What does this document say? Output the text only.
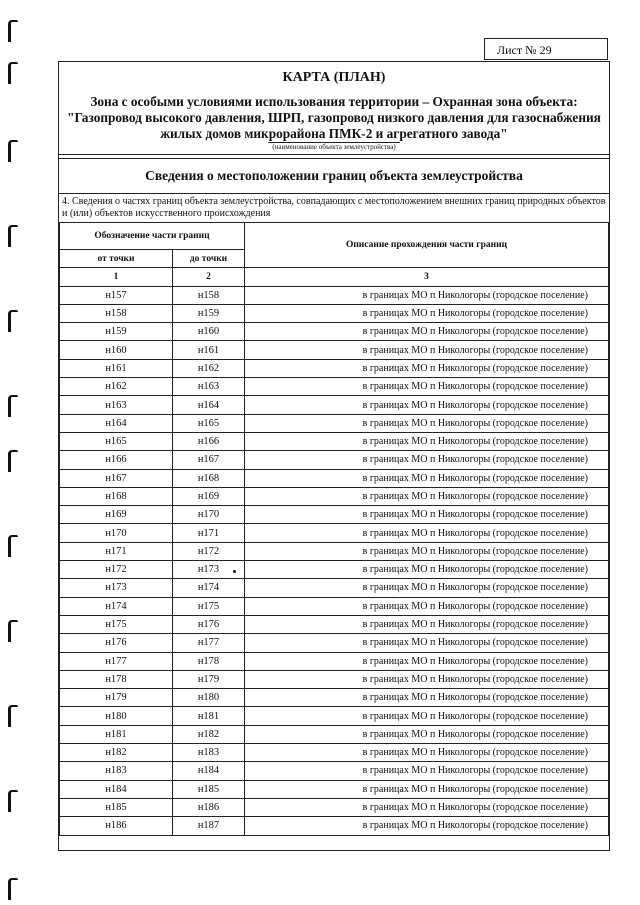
Лист № 29
КАРТА (ПЛАН)
Зона с особыми условиями использования территории – Охранная зона объекта: "Газопровод высокого давления, ШРП, газопровод низкого давления для газоснабжения жилых домов микрорайона ПМК-2 и агрегатного завода"
(наименование объекта землеустройства)
Сведения о местоположении границ объекта землеустройства
4. Сведения о частях границ объекта землеустройства, совпадающих с местоположением внешних границ природных объектов и (или) объектов искусственного происхождения
Обозначение части границ		Описание прохождения части границ
от точки	до точки	
1	2	3
н157	н158	в границах МО п Никологоры (городское поселение)
н158	н159	в границах МО п Никологоры (городское поселение)
н159	н160	в границах МО п Никологоры (городское поселение)
н160	н161	в границах МО п Никологоры (городское поселение)
н161	н162	в границах МО п Никологоры (городское поселение)
н162	н163	в границах МО п Никологоры (городское поселение)
н163	н164	в границах МО п Никологоры (городское поселение)
н164	н165	в границах МО п Никологоры (городское поселение)
н165	н166	в границах МО п Никологоры (городское поселение)
н166	н167	в границах МО п Никологоры (городское поселение)
н167	н168	в границах МО п Никологоры (городское поселение)
н168	н169	в границах МО п Никологоры (городское поселение)
н169	н170	в границах МО п Никологоры (городское поселение)
н170	н171	в границах МО п Никологоры (городское поселение)
н171	н172	в границах МО п Никологоры (городское поселение)
н172	н173	в границах МО п Никологоры (городское поселение)
н173	н174	в границах МО п Никологоры (городское поселение)
н174	н175	в границах МО п Никологоры (городское поселение)
н175	н176	в границах МО п Никологоры (городское поселение)
н176	н177	в границах МО п Никологоры (городское поселение)
н177	н178	в границах МО п Никологоры (городское поселение)
н178	н179	в границах МО п Никологоры (городское поселение)
н179	н180	в границах МО п Никологоры (городское поселение)
н180	н181	в границах МО п Никологоры (городское поселение)
н181	н182	в границах МО п Никологоры (городское поселение)
н182	н183	в границах МО п Никологоры (городское поселение)
н183	н184	в границах МО п Никологоры (городское поселение)
н184	н185	в границах МО п Никологоры (городское поселение)
н185	н186	в границах МО п Никологоры (городское поселение)
н186	н187	в границах МО п Никологоры (городское поселение)
